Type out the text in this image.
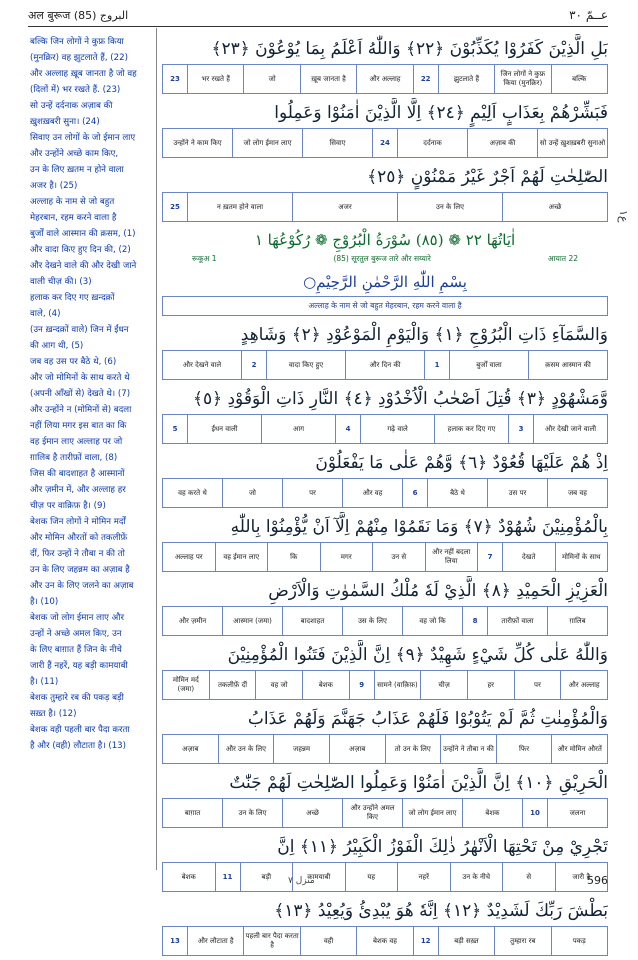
अल बुरूज (85) البروج	عــمّ ٣٠

बल्कि जिन लोगों ने कुफ्र किया

(मुनक्रिर) वह झुटलाते हैं, (22)

और अल्लाह ख़ूब जानता है जो वह

(दिलों में) भर रखते हैं. (23)

सो उन्हें दर्दनाक अज़ाब की

ख़ुशख़बरी सुना। (24)

सिवाए उन लोगों के जो ईमान लाए

और उन्होंने अच्छे काम किए,

उन के लिए ख़तम न होने वाला

अजर है। (25)

अल्लाह के नाम से जो बहुत

मेहरबान, रहम करने वाला है

बुर्जों वाले आस्मान की क़सम, (1)

और वादा किए हुए दिन की, (2)

और देखने वाले की और देखी जाने

वाली चीज़ की। (3)

हलाक कर दिए गए ख़न्दक़ों

वाले, (4)

(उन ख़न्दक़ों वाले) जिन में ईंधन

की आग थी, (5)

जब वह उस पर बैठे थे, (6)

और जो मोमिनों के साथ करते थे

(अपनी आँखों से) देखते थे। (7)

और उन्होंने न (मोमिनों से) बदला

नहीं लिया मगर इस बात का कि

वह ईमान लाए अल्लाह पर जो

ग़ालिब है तारीफ़ों वाला, (8)

जिस की बादशाहत है आस्मानों

और ज़मीन में, और अल्लाह हर

चीज़ पर वाक़िफ़ है। (9)

बेशक जिन लोगों ने मोमिन मर्दों

और मोमिन औरतों को तकलीफ़ें

दीं, फिर उन्हों ने तौबा न की तो

उन के लिए जहन्नम का अज़ाब है

और उन के लिए जलने का अज़ाब

है। (10)

बेशक जो लोग ईमान लाए और

उन्हों ने अच्छे अमल किए, उन

के लिए बाग़ात हैं जिन के नीचे

जारी हैं नहरें, यह बड़ी कामयाबी

है। (11)

बेशक तुम्हारे रब की पकड़ बड़ी

सख़्त है। (12)

बेशक वही पहली बार पैदा करता

है और (वही) लौटाता है। (13)

بَلِ الَّذِيْنَ كَفَرُوْا يُكَذِّبُوْنَ ﴿٢٢﴾ وَاللّٰهُ اَعْلَمُ بِمَا يُوْعُوْنَ ﴿٢٣﴾
23	भर रखते हैं	जो	ख़ूब जानता है	और अल्लाह	22	झुटलाते हैं	जिन लोगों ने कुफ्र किया (मुनक्रिर)	बल्कि
فَبَشِّرْهُمْ بِعَذَابٍ اَلِيْمٍ ﴿٢٤﴾ اِلَّا الَّذِيْنَ اٰمَنُوْا وَعَمِلُوا
उन्होंने ने काम किए	जो लोग ईमान लाए	सिवाए	24	दर्दनाक	अज़ाब की	सो उन्हें ख़ुशख़बरी सुनाओ
الصّٰلِحٰتِ لَهُمْ اَجْرٌ غَيْرُ مَمْنُوْنٍ ﴿٢٥﴾
25	न ख़तम होने वाला	अजर	उन के लिए	अच्छे
اٰيَاتُهَا ٢٢ ❁ (٨٥) سُوْرَةُ الْبُرُوْجِ ❁ رُكُوْعُهَا ١
रूकूअ 1	(85) सूरतुल बुरूज तारे और सय्यारे	आयात 22
بِسْمِ اللّٰهِ الرَّحْمٰنِ الرَّحِيْمِ○
अल्लाह के नाम से जो बहुत मेहरबान, रहम करने वाला है
وَالسَّمَآءِ ذَاتِ الْبُرُوْجِ ﴿١﴾ وَالْيَوْمِ الْمَوْعُوْدِ ﴿٢﴾ وَشَاهِدٍ
और देखने वाले	2	वादा किए हुए	और दिन की	1	बुर्जों वाला	क़सम आस्मान की
وَّمَشْهُوْدٍ ﴿٣﴾ قُتِلَ اَصْحٰبُ الْاُخْدُوْدِ ﴿٤﴾ النَّارِ ذَاتِ الْوَقُوْدِ ﴿٥﴾
5	ईंधन वाली	आग	4	गढ़े वाले	हलाक कर दिए गए	3	और देखी जाने वाली
اِذْ هُمْ عَلَيْهَا قُعُوْدٌ ﴿٦﴾ وَّهُمْ عَلٰى مَا يَفْعَلُوْنَ
वह करते थे	जो	पर	और वह	6	बैठे थे	उस पर	जब वह
بِالْمُؤْمِنِيْنَ شُهُوْدٌ ﴿٧﴾ وَمَا نَقَمُوْا مِنْهُمْ اِلَّآ اَنْ يُّؤْمِنُوْا بِاللّٰهِ
अल्लाह पर	वह ईमान लाए	कि	मगर	उन से	और नहीं बदला लिया	7	देखते	मोमिनों के साथ
الْعَزِيْزِ الْحَمِيْدِ ﴿٨﴾ الَّذِيْ لَهٗ مُلْكُ السَّمٰوٰتِ وَالْاَرْضِ
और ज़मीन	आस्मान (जमा)	बादशाहत	उस के लिए	वह जो कि	8	तारीफ़ों वाला	ग़ालिब
وَاللّٰهُ عَلٰى كُلِّ شَيْءٍ شَهِيْدٌ ﴿٩﴾ اِنَّ الَّذِيْنَ فَتَنُوا الْمُؤْمِنِيْنَ
मोमिन मर्द (जमा)	तकलीफ़ें दीं	वह जो	बेशक	9	सामने (वाक़िफ़)	चीज़	हर	पर	और अल्लाह
وَالْمُؤْمِنٰتِ ثُمَّ لَمْ يَتُوْبُوْا فَلَهُمْ عَذَابُ جَهَنَّمَ وَلَهُمْ عَذَابُ
अज़ाब	और उन के लिए	जहन्नम	अज़ाब	तो उन के लिए	उन्होंने ने तौबा न की	फिर	और मोमिन औरतें
الْحَرِيْقِ ﴿١٠﴾ اِنَّ الَّذِيْنَ اٰمَنُوْا وَعَمِلُوا الصّٰلِحٰتِ لَهُمْ جَنّٰتٌ
बाग़ात	उन के लिए	अच्छे	और उन्होंने अमल किए	जो लोग ईमान लाए	बेशक	10	जलना
تَجْرِيْ مِنْ تَحْتِهَا الْاَنْهٰرُ ذٰلِكَ الْفَوْزُ الْكَبِيْرُ ﴿١١﴾ اِنَّ
बेशक	11	बड़ी	कामयाबी	यह	नहरें	उन के नीचे	से	जारी है
بَطْشَ رَبِّكَ لَشَدِيْدٌ ﴿١٢﴾ اِنَّهٗ هُوَ يُبْدِئُ وَيُعِيْدُ ﴿١٣﴾
13	और लौटाता है	पहली बार पैदा करता है	वही	बेशक वह	12	बड़ी सख़्त	तुम्हारा रब	पकड़
ع١
منزل ٧	596
